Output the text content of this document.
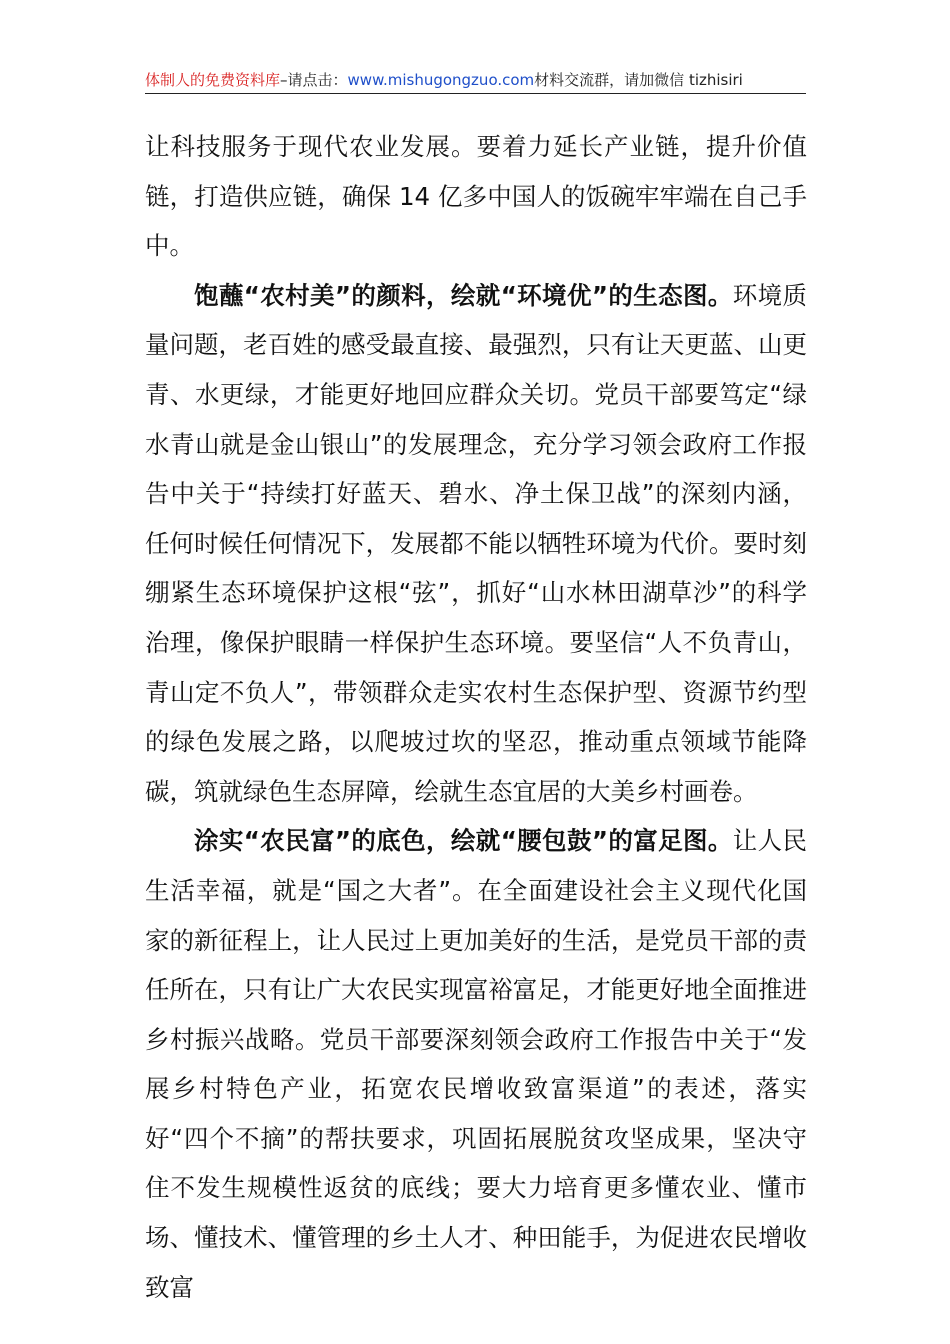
体制人的免费资料库–请点击：www.mishugongzuo.com材料交流群，请加微信 tizhisiri

让科技服务于现代农业发展。要着力延长产业链，提升价值链，打造供应链，确保 14 亿多中国人的饭碗牢牢端在自己手中。

饱蘸“农村美”的颜料，绘就“环境优”的生态图。环境质量问题，老百姓的感受最直接、最强烈，只有让天更蓝、山更青、水更绿，才能更好地回应群众关切。党员干部要笃定“绿水青山就是金山银山”的发展理念，充分学习领会政府工作报告中关于“持续打好蓝天、碧水、净土保卫战”的深刻内涵，任何时候任何情况下，发展都不能以牺牲环境为代价。要时刻绷紧生态环境保护这根“弦”，抓好“山水林田湖草沙”的科学治理，像保护眼睛一样保护生态环境。要坚信“人不负青山，青山定不负人”，带领群众走实农村生态保护型、资源节约型的绿色发展之路，以爬坡过坎的坚忍，推动重点领域节能降碳，筑就绿色生态屏障，绘就生态宜居的大美乡村画卷。

涂实“农民富”的底色，绘就“腰包鼓”的富足图。让人民生活幸福，就是“国之大者”。在全面建设社会主义现代化国家的新征程上，让人民过上更加美好的生活，是党员干部的责任所在，只有让广大农民实现富裕富足，才能更好地全面推进乡村振兴战略。党员干部要深刻领会政府工作报告中关于“发展乡村特色产业，拓宽农民增收致富渠道”的表述，落实好“四个不摘”的帮扶要求，巩固拓展脱贫攻坚成果，坚决守住不发生规模性返贫的底线；要大力培育更多懂农业、懂市场、懂技术、懂管理的乡土人才、种田能手，为促进农民增收致富
